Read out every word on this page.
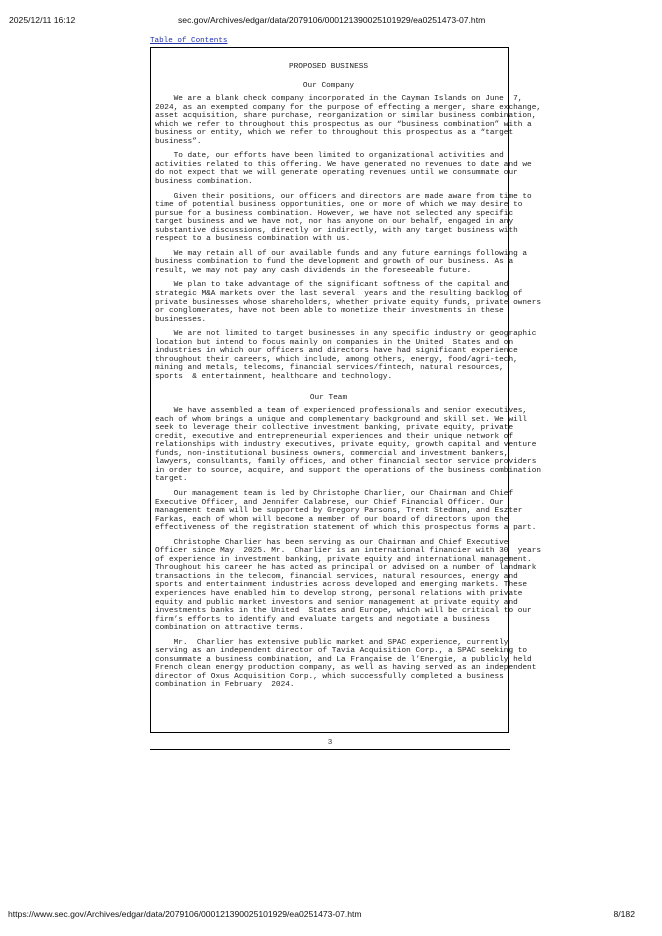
2025/12/11 16:12	sec.gov/Archives/edgar/data/2079106/000121390025101929/ea0251473-07.htm
Table of Contents
PROPOSED BUSINESS
Our Company
We are a blank check company incorporated in the Cayman Islands on June  7,
2024, as an exempted company for the purpose of effecting a merger, share exchange,
asset acquisition, share purchase, reorganization or similar business combination,
which we refer to throughout this prospectus as our “business combination” with a
business or entity, which we refer to throughout this prospectus as a “target
business”.
To date, our efforts have been limited to organizational activities and
activities related to this offering. We have generated no revenues to date and we
do not expect that we will generate operating revenues until we consummate our
business combination.
Given their positions, our officers and directors are made aware from time to
time of potential business opportunities, one or more of which we may desire to
pursue for a business combination. However, we have not selected any specific
target business and we have not, nor has anyone on our behalf, engaged in any
substantive discussions, directly or indirectly, with any target business with
respect to a business combination with us.
We may retain all of our available funds and any future earnings following a
business combination to fund the development and growth of our business. As a
result, we may not pay any cash dividends in the foreseeable future.
We plan to take advantage of the significant softness of the capital and
strategic M&A markets over the last several  years and the resulting backlog of
private businesses whose shareholders, whether private equity funds, private owners
or conglomerates, have not been able to monetize their investments in these
businesses.
We are not limited to target businesses in any specific industry or geographic
location but intend to focus mainly on companies in the United  States and on
industries in which our officers and directors have had significant experience
throughout their careers, which include, among others, energy, food/agri-tech,
mining and metals, telecoms, financial services/fintech, natural resources,
sports  & entertainment, healthcare and technology.
Our Team
We have assembled a team of experienced professionals and senior executives,
each of whom brings a unique and complementary background and skill set. We will
seek to leverage their collective investment banking, private equity, private
credit, executive and entrepreneurial experiences and their unique network of
relationships with industry executives, private equity, growth capital and venture
funds, non-institutional business owners, commercial and investment bankers,
lawyers, consultants, family offices, and other financial sector service providers
in order to source, acquire, and support the operations of the business combination
target.
Our management team is led by Christophe Charlier, our Chairman and Chief
Executive Officer, and Jennifer Calabrese, our Chief Financial Officer. Our
management team will be supported by Gregory Parsons, Trent Stedman, and Eszter
Farkas, each of whom will become a member of our board of directors upon the
effectiveness of the registration statement of which this prospectus forms a part.
Christophe Charlier has been serving as our Chairman and Chief Executive
Officer since May  2025. Mr.  Charlier is an international financier with 30  years
of experience in investment banking, private equity and international management.
Throughout his career he has acted as principal or advised on a number of landmark
transactions in the telecom, financial services, natural resources, energy and
sports and entertainment industries across developed and emerging markets. These
experiences have enabled him to develop strong, personal relations with private
equity and public market investors and senior management at private equity and
investments banks in the United  States and Europe, which will be critical to our
firm’s efforts to identify and evaluate targets and negotiate a business
combination on attractive terms.
Mr.  Charlier has extensive public market and SPAC experience, currently
serving as an independent director of Tavia Acquisition Corp., a SPAC seeking to
consummate a business combination, and La Française de l’Energie, a publicly held
French clean energy production company, as well as having served as an independent
director of Oxus Acquisition Corp., which successfully completed a business
combination in February  2024.
3
https://www.sec.gov/Archives/edgar/data/2079106/000121390025101929/ea0251473-07.htm	8/182
